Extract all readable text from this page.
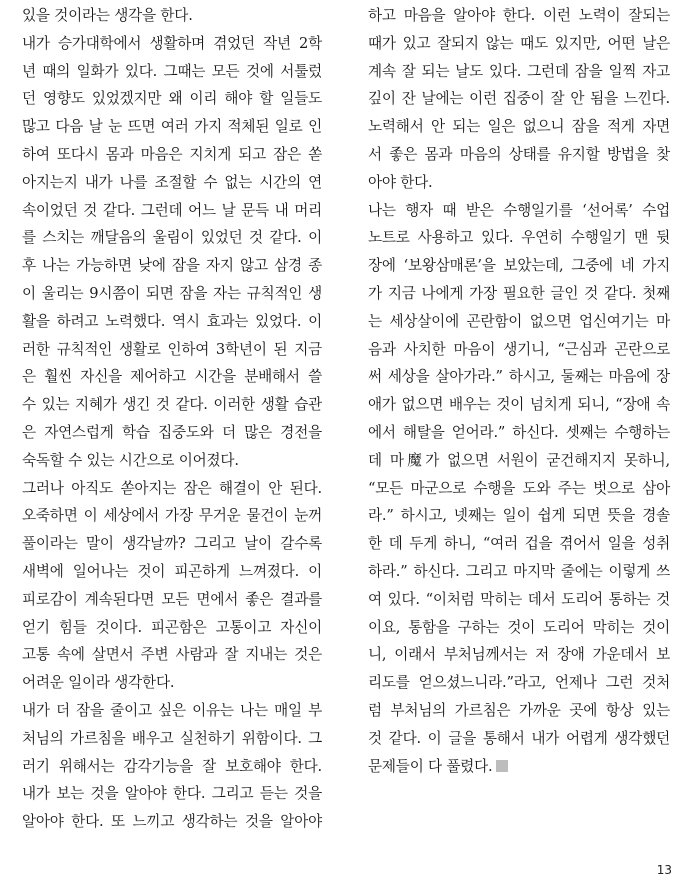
있을 것이라는 생각을 한다.
내가 승가대학에서 생활하며 겪었던 작년 2학
년 때의 일화가 있다. 그때는 모든 것에 서툴렀
던 영향도 있었겠지만 왜 이리 해야 할 일들도
많고 다음 날 눈 뜨면 여러 가지 적체된 일로 인
하여 또다시 몸과 마음은 지치게 되고 잠은 쏟
아지는지 내가 나를 조절할 수 없는 시간의 연
속이었던 것 같다. 그런데 어느 날 문득 내 머리
를 스치는 깨달음의 울림이 있었던 것 같다. 이
후 나는 가능하면 낮에 잠을 자지 않고 삼경 종
이 울리는 9시쯤이 되면 잠을 자는 규칙적인 생
활을 하려고 노력했다. 역시 효과는 있었다. 이
러한 규칙적인 생활로 인하여 3학년이 된 지금
은 훨씬 자신을 제어하고 시간을 분배해서 쓸
수 있는 지혜가 생긴 것 같다. 이러한 생활 습관
은 자연스럽게 학습 집중도와 더 많은 경전을
숙독할 수 있는 시간으로 이어졌다.
그러나 아직도 쏟아지는 잠은 해결이 안 된다.
오죽하면 이 세상에서 가장 무거운 물건이 눈꺼
풀이라는 말이 생각날까? 그리고 날이 갈수록
새벽에 일어나는 것이 피곤하게 느껴졌다. 이
피로감이 계속된다면 모든 면에서 좋은 결과를
얻기 힘들 것이다. 피곤함은 고통이고 자신이
고통 속에 살면서 주변 사람과 잘 지내는 것은
어려운 일이라 생각한다.
내가 더 잠을 줄이고 싶은 이유는 나는 매일 부
처님의 가르침을 배우고 실천하기 위함이다. 그
러기 위해서는 감각기능을 잘 보호해야 한다.
내가 보는 것을 알아야 한다. 그리고 듣는 것을
알아야 한다. 또 느끼고 생각하는 것을 알아야
하고 마음을 알아야 한다. 이런 노력이 잘되는
때가 있고 잘되지 않는 때도 있지만, 어떤 날은
계속 잘 되는 날도 있다. 그런데 잠을 일찍 자고
깊이 잔 날에는 이런 집중이 잘 안 됨을 느낀다.
노력해서 안 되는 일은 없으니 잠을 적게 자면
서 좋은 몸과 마음의 상태를 유지할 방법을 찾
아야 한다.
나는 행자 때 받은 수행일기를 ‘선어록’ 수업
노트로 사용하고 있다. 우연히 수행일기 맨 뒷
장에 ‘보왕삼매론’을 보았는데, 그중에 네 가지
가 지금 나에게 가장 필요한 글인 것 같다. 첫째
는 세상살이에 곤란함이 없으면 업신여기는 마
음과 사치한 마음이 생기니, “근심과 곤란으로
써 세상을 살아가라.” 하시고, 둘째는 마음에 장
애가 없으면 배우는 것이 넘치게 되니, “장애 속
에서 해탈을 얻어라.” 하신다. 셋째는 수행하는
데 마魔가 없으면 서원이 굳건해지지 못하니,
“모든 마군으로 수행을 도와 주는 벗으로 삼아
라.” 하시고, 넷째는 일이 쉽게 되면 뜻을 경솔
한 데 두게 하니, “여러 겁을 겪어서 일을 성취
하라.” 하신다. 그리고 마지막 줄에는 이렇게 쓰
여 있다. “이처럼 막히는 데서 도리어 통하는 것
이요, 통함을 구하는 것이 도리어 막히는 것이
니, 이래서 부처님께서는 저 장애 가운데서 보
리도를 얻으셨느니라.”라고, 언제나 그런 것처
럼 부처님의 가르침은 가까운 곳에 항상 있는
것 같다. 이 글을 통해서 내가 어렵게 생각했던
문제들이 다 풀렸다.
13
